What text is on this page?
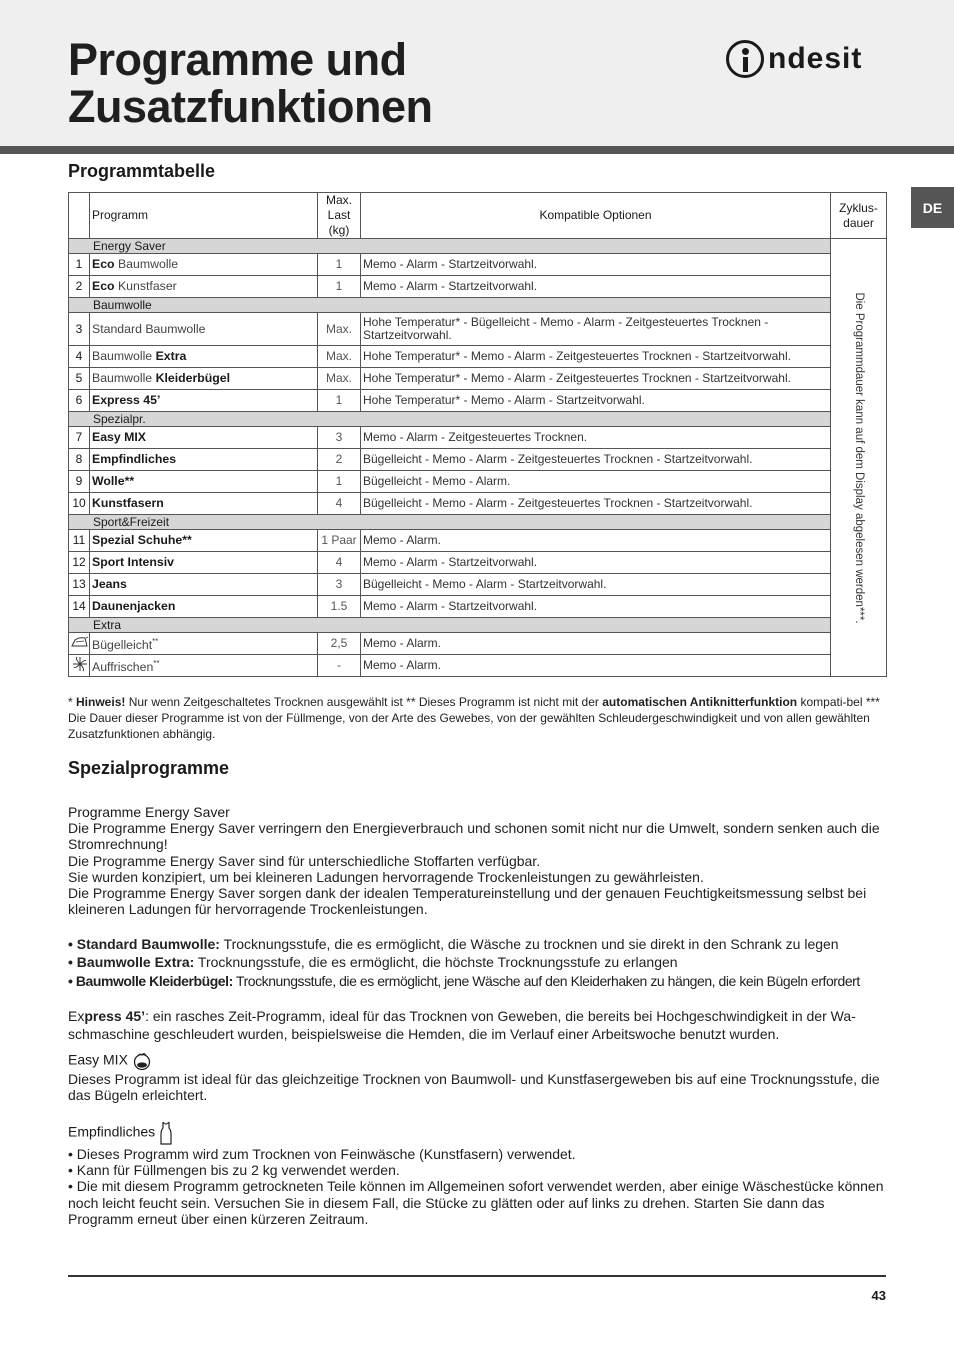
Programme und
Zusatzfunktionen
ndesit
DE
Programmtabelle
	Programm	Max. Last (kg)	Kompatible Optionen	Zyklus-dauer
Energy Saver				Die Programmdauer kann auf dem Display abgelesen werden***.

1	Eco Baumwolle	1	Memo - Alarm - Startzeitvorwahl.	
2	Eco Kunstfaser	1	Memo - Alarm - Startzeitvorwahl.	
Baumwolle				
3	Standard Baumwolle	Max.	Hohe Temperatur* - Bügelleicht - Memo - Alarm - Zeitgesteuertes Trocknen - Startzeitvorwahl.	
4	Baumwolle Extra	Max.	Hohe Temperatur* - Memo - Alarm - Zeitgesteuertes Trocknen - Startzeitvorwahl.	
5	Baumwolle Kleiderbügel	Max.	Hohe Temperatur* - Memo - Alarm - Zeitgesteuertes Trocknen - Startzeitvorwahl.	
6	Express 45’	1	Hohe Temperatur* - Memo - Alarm - Startzeitvorwahl.	
Spezialpr.				
7	Easy MIX	3	Memo - Alarm - Zeitgesteuertes Trocknen.	
8	Empfindliches	2	Bügelleicht - Memo - Alarm - Zeitgesteuertes Trocknen - Startzeitvorwahl.	
9	Wolle**	1	Bügelleicht - Memo - Alarm.	
10	Kunstfasern	4	Bügelleicht - Memo - Alarm - Zeitgesteuertes Trocknen - Startzeitvorwahl.	
Sport&Freizeit				
11	Spezial Schuhe**	1 Paar	Memo - Alarm.	
12	Sport Intensiv	4	Memo - Alarm - Startzeitvorwahl.	
13	Jeans	3	Bügelleicht - Memo - Alarm - Startzeitvorwahl.	
14	Daunenjacken	1.5	Memo - Alarm - Startzeitvorwahl.	
Extra				
	Bügelleicht**	2,5	Memo - Alarm.	
	Auffrischen**	-	Memo - Alarm.	

* Hinweis! Nur wenn Zeitgeschaltetes Trocknen ausgewählt ist ** Dieses Programm ist nicht mit der automatischen Antiknitterfunktion kompati-bel *** Die Dauer dieser Programme ist von der Füllmenge, von der Arte des Gewebes, von der gewählten Schleudergeschwindigkeit und von allen gewählten Zusatzfunktionen abhängig.

Spezialprogramme
Programme Energy Saver
Die Programme Energy Saver verringern den Energieverbrauch und schonen somit nicht nur die Umwelt, sondern senken auch die Stromrechnung!
Die Programme Energy Saver sind für unterschiedliche Stoffarten verfügbar.
Sie wurden konzipiert, um bei kleineren Ladungen hervorragende Trockenleistungen zu gewährleisten.
Die Programme Energy Saver sorgen dank der idealen Temperatureinstellung und der genauen Feuchtigkeitsmessung selbst bei kleineren Ladungen für hervorragende Trockenleistungen.

• Standard Baumwolle: Trocknungsstufe, die es ermöglicht, die Wäsche zu trocknen und sie direkt in den Schrank zu legen

• Baumwolle Extra: Trocknungsstufe, die es ermöglicht, die höchste Trocknungsstufe zu erlangen

• Baumwolle Kleiderbügel: Trocknungsstufe, die es ermöglicht, jene Wäsche auf den Kleiderhaken zu hängen, die kein Bügeln erfordert

Express 45’: ein rasches Zeit-Programm, ideal für das Trocknen von Geweben, die bereits bei Hochgeschwindigkeit in der Wa-schmaschine geschleudert wurden, beispielsweise die Hemden, die im Verlauf einer Arbeitswoche benutzt wurden.

Easy MIX
Dieses Programm ist ideal für das gleichzeitige Trocknen von Baumwoll- und Kunstfasergeweben bis auf eine Trocknungsstufe, die das Bügeln erleichtert.
Empfindliches
• Dieses Programm wird zum Trocknen von Feinwäsche (Kunstfasern) verwendet.
• Kann für Füllmengen bis zu 2 kg verwendet werden.
• Die mit diesem Programm getrockneten Teile können im Allgemeinen sofort verwendet werden, aber einige Wäschestücke können noch leicht feucht sein. Versuchen Sie in diesem Fall, die Stücke zu glätten oder auf links zu drehen. Starten Sie dann das Programm erneut über einen kürzeren Zeitraum.
43
